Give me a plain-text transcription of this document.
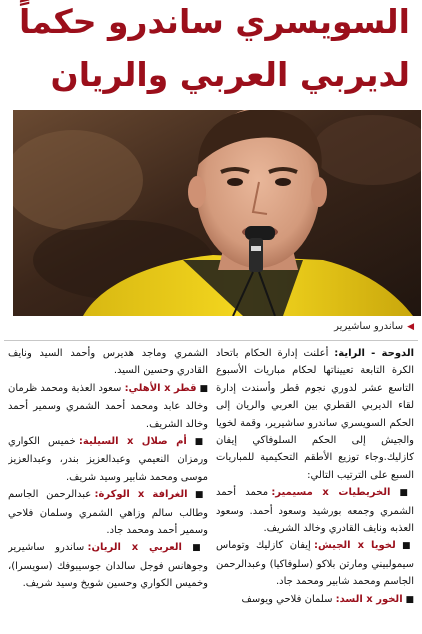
السويسري ساندرو حكماً
لديربي العربي والريان
◀ساندرو ساشيرير

الدوحة - الراية: أعلنت إدارة الحكام باتحاد الكرة التابعة تعييناتها لحكام مباريات الأسبوع التاسع عشر لدوري نجوم قطر وأسندت إدارة لقاء الديربي القطري بين العربي والريان إلى الحكم السويسري ساندرو ساشيرير، وقمة لخويا والجيش إلى الحكم السلوفاكي إيفان كازليك.وجاء توزيع الأطقم التحكيمية للمباريات السبع على الترتيب التالي:

■ الخريطيات x مسيمير: محمد أحمد الشمري وجمعه بورشيد وسعود أحمد. وسعود العذبه ونايف القادري وخالد الشريف.

■ لخويا x الجيش: إيفان كازليك وتوماس سيمولبيني ومارتن بلاكو (سلوفاكيا) وعبدالرحمن الجاسم ومحمد شابير ومحمد جاد.

■ الخور x السد: سلمان فلاحي ويوسف

الشمري وماجد هديرس وأحمد السيد ونايف القادري وحسين السيد.

■ قطر x الأهلي: سعود العذبة ومحمد ظرمان وخالد عابد ومحمد أحمد الشمري وسمير أحمد وخالد الشريف.

■ أم صلال x السيلية: خميس الكواري ورمزان النعيمي وعبدالعزيز بندر، وعبدالعزيز موسى ومحمد شابير وسيد شريف.

■ الغرافة x الوكرة: عبدالرحمن الجاسم وطالب سالم وزاهي الشمري وسلمان فلاحي وسمير أحمد ومحمد جاد.

■ العربي x الريان: ساندرو ساشيرير وجوهانس فوجل سالدان جوسيبوفك (سويسرا)، وخميس الكواري وحسين شويخ وسيد شريف.
